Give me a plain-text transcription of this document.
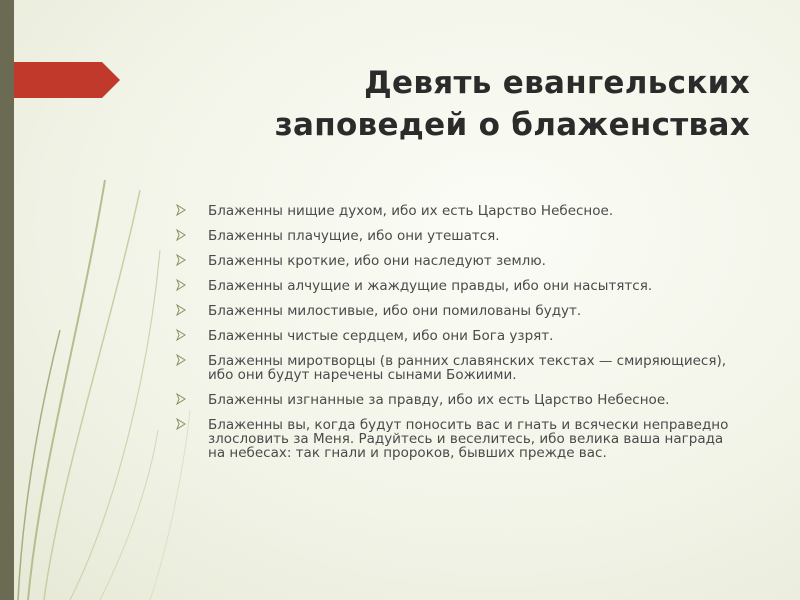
Девять евангельских
заповедей о блаженствах
Блаженны нищие духом, ибо их есть Царство Небесное.
Блаженны плачущие, ибо они утешатся.
Блаженны кроткие, ибо они наследуют землю.
Блаженны алчущие и жаждущие правды, ибо они насытятся.
Блаженны милостивые, ибо они помилованы будут.
Блаженны чистые сердцем, ибо они Бога узрят.
Блаженны миротворцы (в ранних славянских текстах — смиряющиеся), ибо они будут наречены сынами Божиими.
Блаженны изгнанные за правду, ибо их есть Царство Небесное.
Блаженны вы, когда будут поносить вас и гнать и всячески неправедно злословить за Меня. Радуйтесь и веселитесь, ибо велика ваша награда на небесах: так гнали и пророков, бывших прежде вас.
